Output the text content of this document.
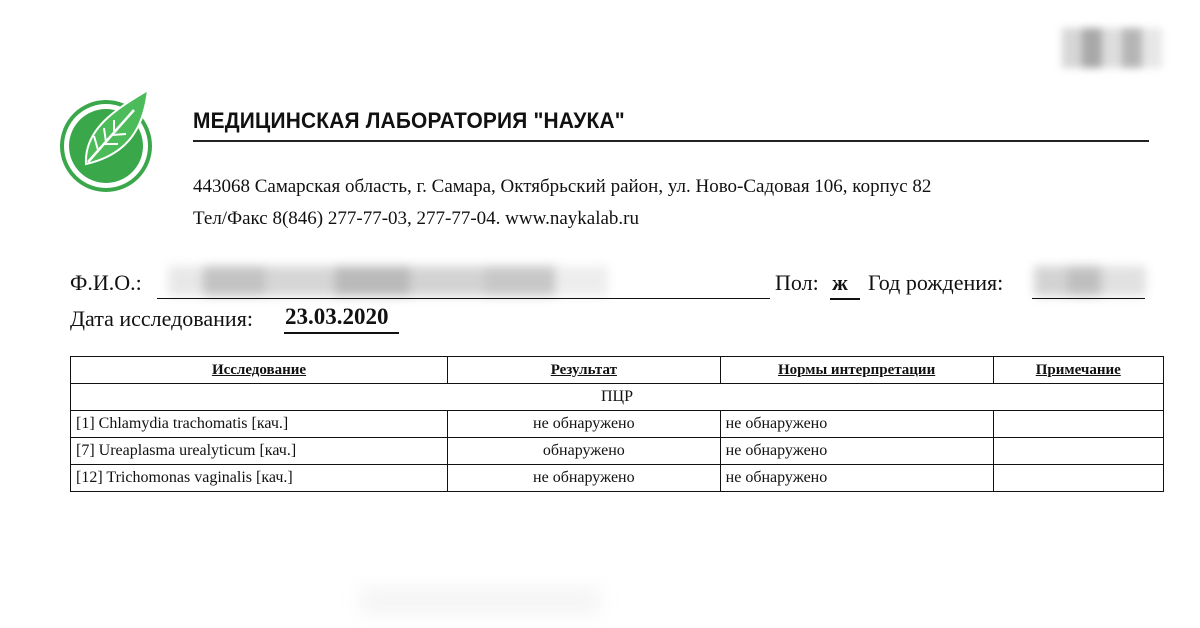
МЕДИЦИНСКАЯ ЛАБОРАТОРИЯ "НАУКА"
443068 Самарская область, г. Самара, Октябрьский район, ул. Ново-Садовая 106, корпус 82
Тел/Факс 8(846) 277-77-03, 277-77-04. www.naykalab.ru
Ф.И.О.:	Пол: ж Год рождения:
Дата исследования: 23.03.2020
Исследование	Результат	Нормы интерпретации	Примечание
ПЦР			
[1] Chlamydia trachomatis [кач.]	не обнаружено	не обнаружено	
[7] Ureaplasma urealyticum [кач.]	обнаружено	не обнаружено	
[12] Trichomonas vaginalis [кач.]	не обнаружено	не обнаружено	
